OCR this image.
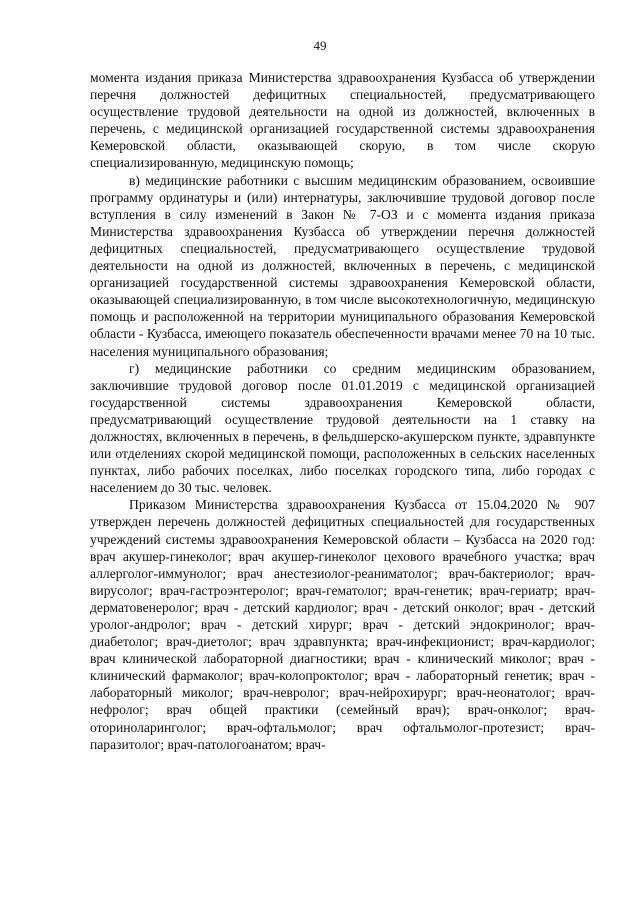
49

момента издания приказа Министерства здравоохранения Кузбасса об утверждении перечня должностей дефицитных специальностей, предусматривающего осуществление трудовой деятельности на одной из должностей, включенных в перечень, с медицинской организацией государственной системы здравоохранения Кемеровской области, оказывающей скорую, в том числе скорую специализированную, медицинскую помощь;

в) медицинские работники с высшим медицинским образованием, освоившие программу ординатуры и (или) интернатуры, заключившие трудовой договор после вступления в силу изменений в Закон № 7-ОЗ и с момента издания приказа Министерства здравоохранения Кузбасса об утверждении перечня должностей дефицитных специальностей, предусматривающего осуществление трудовой деятельности на одной из должностей, включенных в перечень, с медицинской организацией государственной системы здравоохранения Кемеровской области, оказывающей специализированную, в том числе высокотехнологичную, медицинскую помощь и расположенной на территории муниципального образования Кемеровской области - Кузбасса, имеющего показатель обеспеченности врачами менее 70 на 10 тыс. населения муниципального образования;

г) медицинские работники со средним медицинским образованием, заключившие трудовой договор после 01.01.2019 с медицинской организацией государственной системы здравоохранения Кемеровской области, предусматривающий осуществление трудовой деятельности на 1 ставку на должностях, включенных в перечень, в фельдшерско-акушерском пункте, здравпункте или отделениях скорой медицинской помощи, расположенных в сельских населенных пунктах, либо рабочих поселках, либо поселках городского типа, либо городах с населением до 30 тыс. человек.

Приказом Министерства здравоохранения Кузбасса от 15.04.2020 № 907 утвержден перечень должностей дефицитных специальностей для государственных учреждений системы здравоохранения Кемеровской области – Кузбасса на 2020 год: врач акушер-гинеколог; врач акушер-гинеколог цехового врачебного участка; врач аллерголог-иммунолог; врач анестезиолог-реаниматолог; врач-бактериолог; врач-вирусолог; врач-гастроэнтеролог; врач-гематолог; врач-генетик; врач-гериатр; врач-дерматовенеролог; врач - детский кардиолог; врач - детский онколог; врач - детский уролог-андролог; врач - детский хирург; врач - детский эндокринолог; врач-диабетолог; врач-диетолог; врач здравпункта; врач-инфекционист; врач-кардиолог; врач клинической лабораторной диагностики; врач - клинический миколог; врач - клинический фармаколог; врач-колопроктолог; врач - лабораторный генетик; врач - лабораторный миколог; врач-невролог; врач-нейрохирург; врач-неонатолог; врач-нефролог; врач общей практики (семейный врач); врач-онколог; врач-оториноларинголог; врач-офтальмолог; врач офтальмолог-протезист; врач-паразитолог; врач-патологоанатом; врач-
